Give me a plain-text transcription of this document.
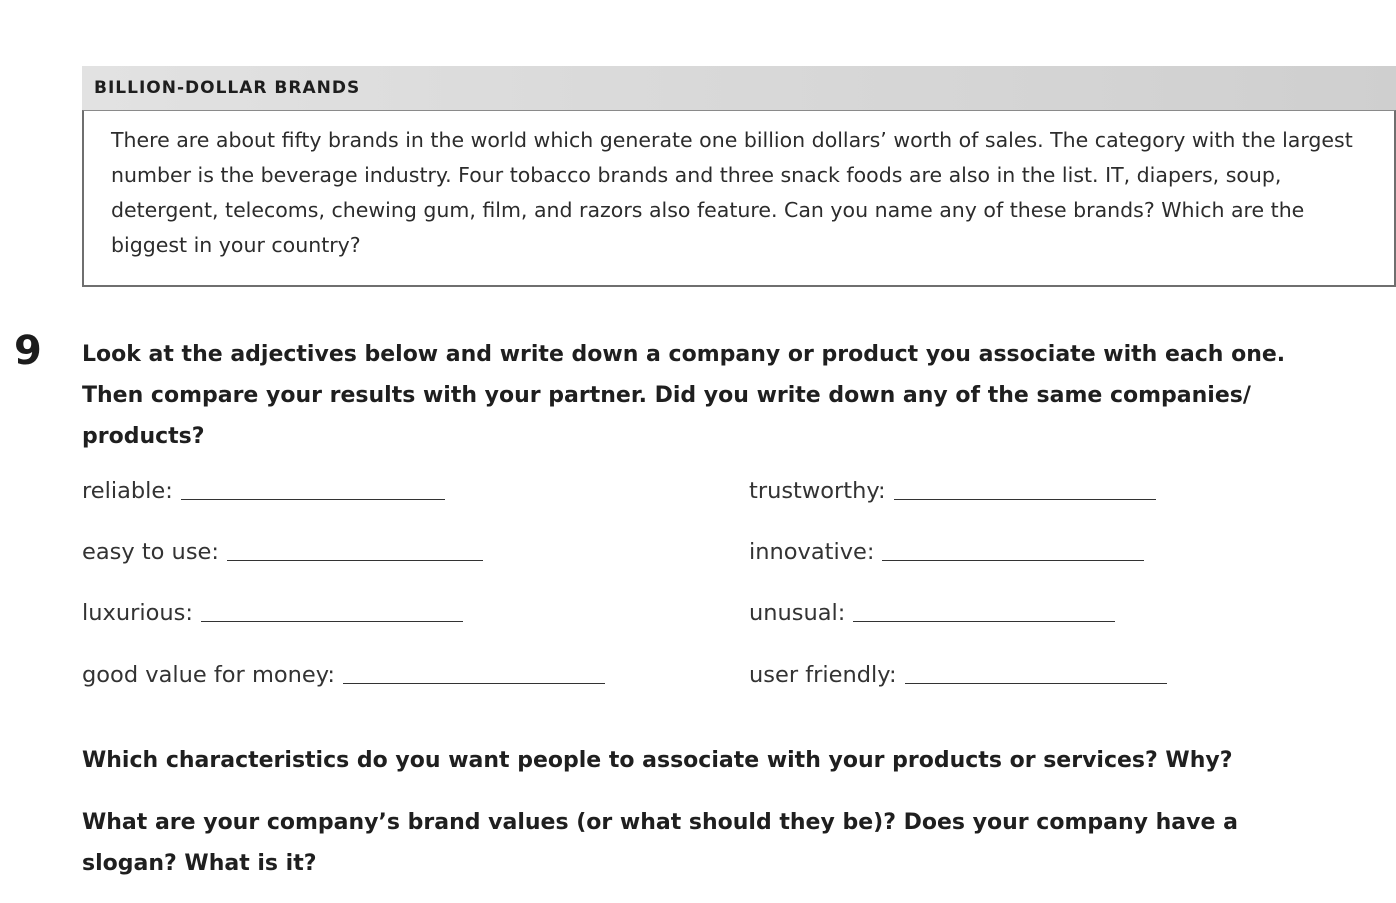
BILLION-DOLLAR BRANDS

There are about fifty brands in the world which generate one billion dollars’ worth of sales. The category with the largest number is the beverage industry. Four tobacco brands and three snack foods are also in the list. IT, diapers, soup, detergent, telecoms, chewing gum, film, and razors also feature. Can you name any of these brands? Which are the biggest in your country?

9 Look at the adjectives below and write down a company or product you associate with each one. Then compare your results with your partner. Did you write down any of the same companies/ products?

reliable:
easy to use:
luxurious:
good value for money:
trustworthy:
innovative:
unusual:
user friendly:

Which characteristics do you want people to associate with your products or services? Why?

What are your company’s brand values (or what should they be)? Does your company have a slogan? What is it?
